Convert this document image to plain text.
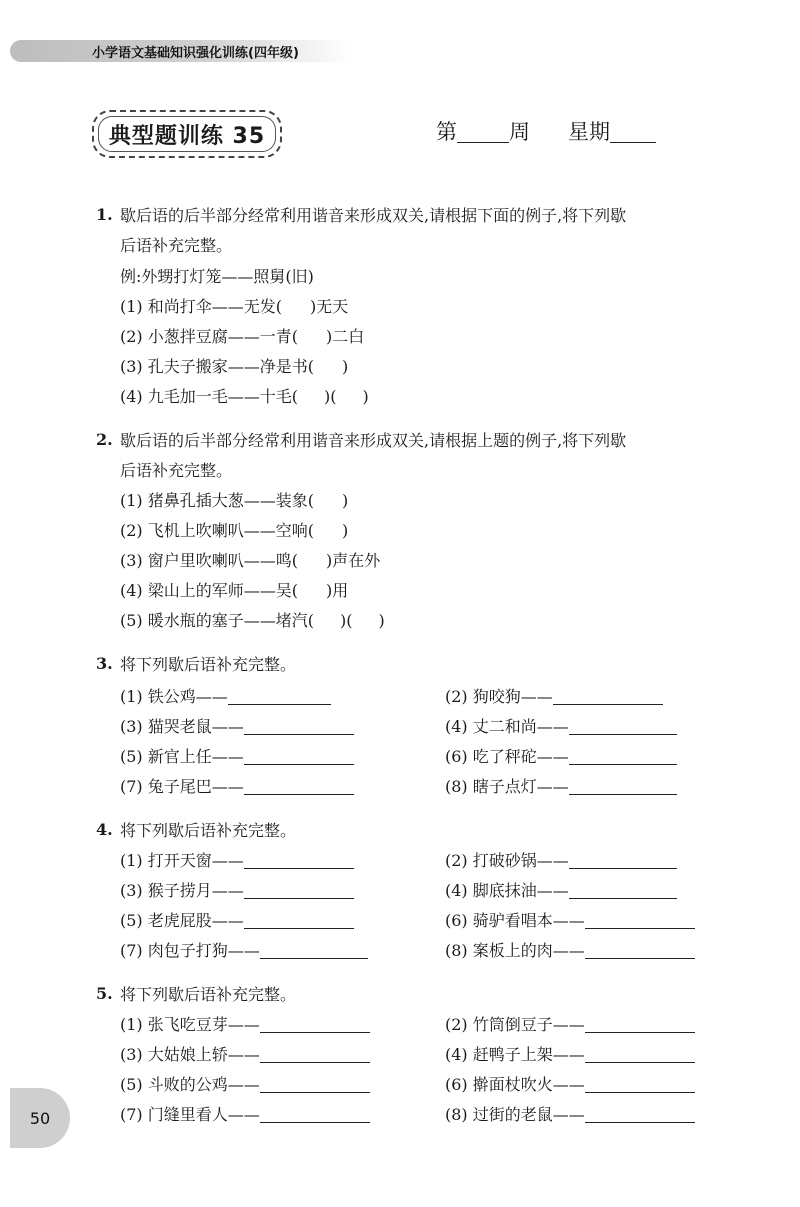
小学语文基础知识强化训练(四年级)
典型题训练 35	第 周 星期
1. 歇后语的后半部分经常利用谐音来形成双关,请根据下面的例子,将下列歇
后语补充完整。
例:外甥打灯笼——照舅(旧)
(1) 和尚打伞——无发( )无天
(2) 小葱拌豆腐——一青( )二白
(3) 孔夫子搬家——净是书( )
(4) 九毛加一毛——十毛( )( )
2. 歇后语的后半部分经常利用谐音来形成双关,请根据上题的例子,将下列歇
后语补充完整。
(1) 猪鼻孔插大葱——装象( )
(2) 飞机上吹喇叭——空响( )
(3) 窗户里吹喇叭——鸣( )声在外
(4) 梁山上的军师——吴( )用
(5) 暖水瓶的塞子——堵汽( )( )
3. 将下列歇后语补充完整。
(1) 铁公鸡——
(3) 猫哭老鼠——
(5) 新官上任——
(7) 兔子尾巴——
(2) 狗咬狗——
(4) 丈二和尚——
(6) 吃了秤砣——
(8) 瞎子点灯——
4. 将下列歇后语补充完整。
(1) 打开天窗——
(3) 猴子捞月——
(5) 老虎屁股——
(7) 肉包子打狗——
(2) 打破砂锅——
(4) 脚底抹油——
(6) 骑驴看唱本——
(8) 案板上的肉——
5. 将下列歇后语补充完整。
(1) 张飞吃豆芽——
(3) 大姑娘上轿——
(5) 斗败的公鸡——
(7) 门缝里看人——
(2) 竹筒倒豆子——
(4) 赶鸭子上架——
(6) 擀面杖吹火——
(8) 过街的老鼠——
50
